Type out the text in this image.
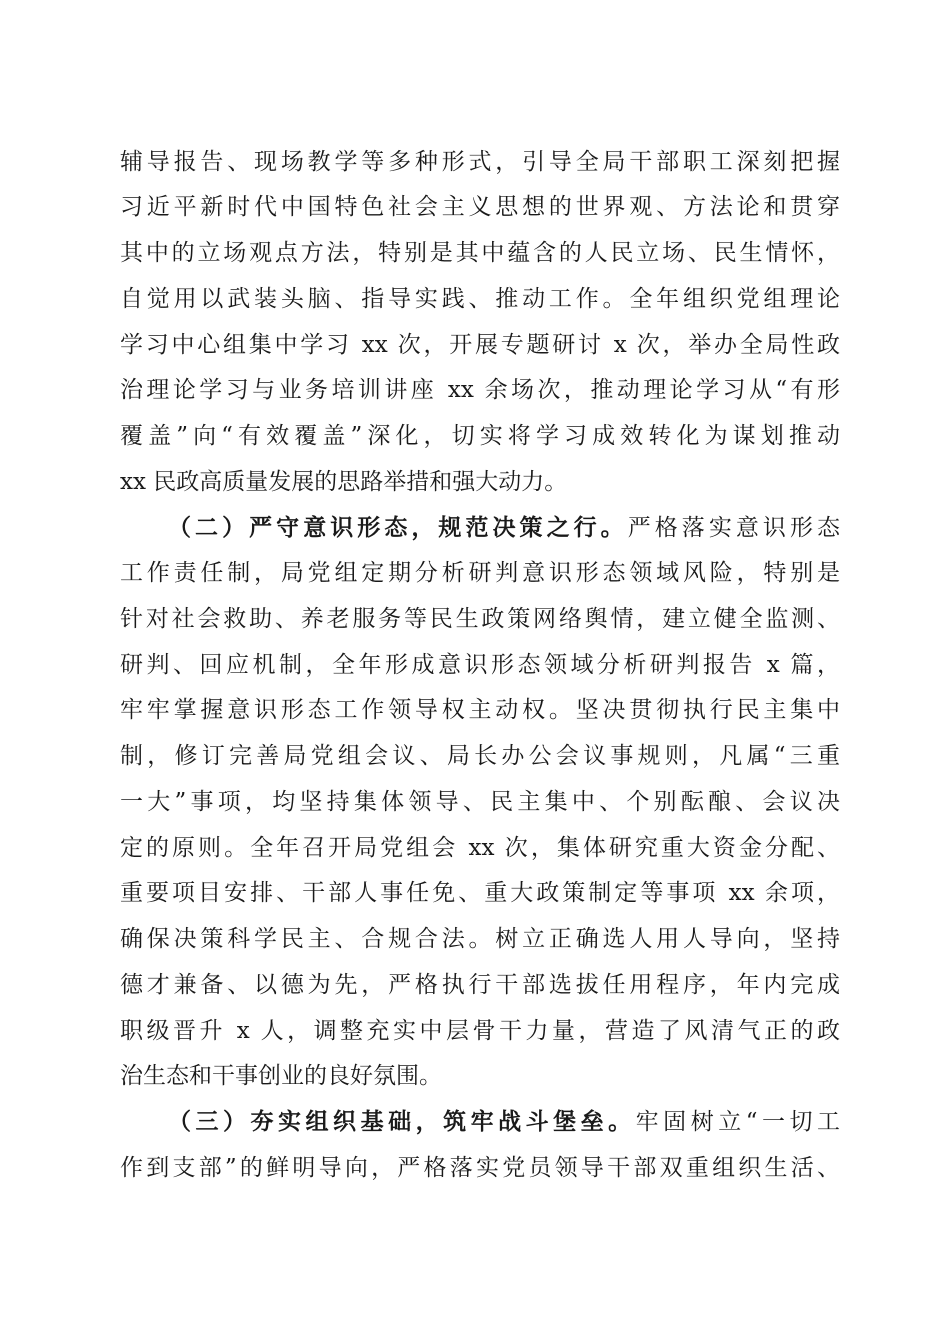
辅导报告、现场教学等多种形式，引导全局干部职工深刻把握
习近平新时代中国特色社会主义思想的世界观、方法论和贯穿
其中的立场观点方法，特别是其中蕴含的人民立场、民生情怀，
自觉用以武装头脑、指导实践、推动工作。全年组织党组理论
学习中心组集中学习 xx 次，开展专题研讨 x 次，举办全局性政
治理论学习与业务培训讲座 xx 余场次，推动理论学习从“有形
覆盖”向“有效覆盖”深化，切实将学习成效转化为谋划推动
xx 民政高质量发展的思路举措和强大动力。
（二）严守意识形态，规范决策之行。严格落实意识形态
工作责任制，局党组定期分析研判意识形态领域风险，特别是
针对社会救助、养老服务等民生政策网络舆情，建立健全监测、
研判、回应机制，全年形成意识形态领域分析研判报告 x 篇，
牢牢掌握意识形态工作领导权主动权。坚决贯彻执行民主集中
制，修订完善局党组会议、局长办公会议事规则，凡属“三重
一大”事项，均坚持集体领导、民主集中、个别酝酿、会议决
定的原则。全年召开局党组会 xx 次，集体研究重大资金分配、
重要项目安排、干部人事任免、重大政策制定等事项 xx 余项，
确保决策科学民主、合规合法。树立正确选人用人导向，坚持
德才兼备、以德为先，严格执行干部选拔任用程序，年内完成
职级晋升 x 人，调整充实中层骨干力量，营造了风清气正的政
治生态和干事创业的良好氛围。
（三）夯实组织基础，筑牢战斗堡垒。牢固树立“一切工
作到支部”的鲜明导向，严格落实党员领导干部双重组织生活、
